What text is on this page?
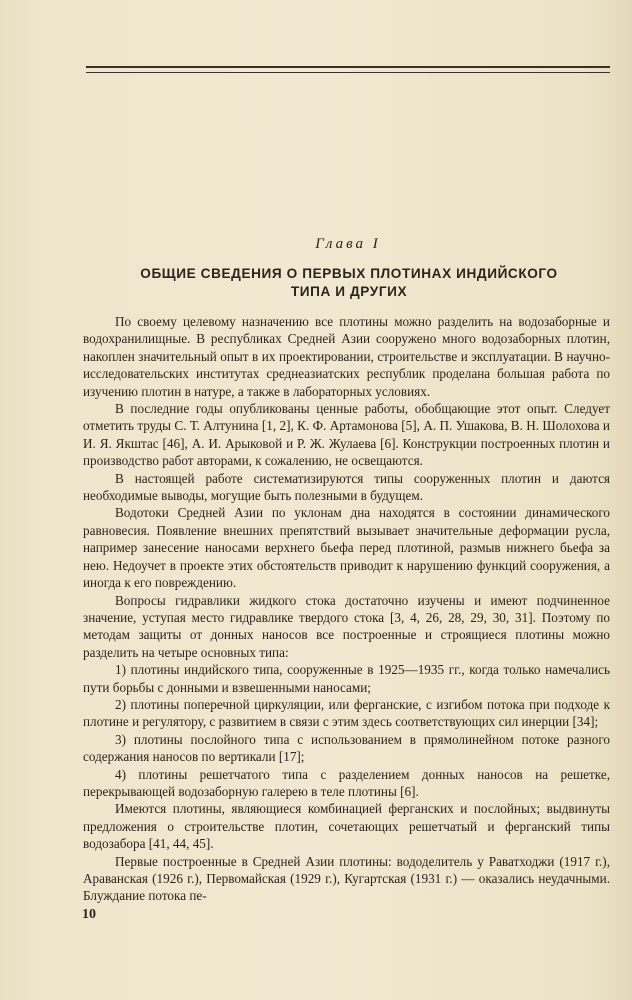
Глава I
ОБЩИЕ СВЕДЕНИЯ О ПЕРВЫХ ПЛОТИНАХ ИНДИЙСКОГО
ТИПА И ДРУГИХ

По своему целевому назначению все плотины можно разделить на водозаборные и водохранилищные. В республиках Средней Азии сооружено много водозаборных плотин, накоплен значительный опыт в их проектировании, строительстве и эксплуатации. В научно-исследовательских институтах среднеазиатских республик проделана большая работа по изучению плотин в натуре, а также в лабораторных условиях.

В последние годы опубликованы ценные работы, обобщающие этот опыт. Следует отметить труды С. Т. Алтунина [1, 2], К. Ф. Артамонова [5], А. П. Ушакова, В. Н. Шолохова и И. Я. Якштас [46], А. И. Арыковой и Р. Ж. Жулаева [6]. Конструкции построенных плотин и производство работ авторами, к сожалению, не освещаются.

В настоящей работе систематизируются типы сооруженных плотин и даются необходимые выводы, могущие быть полезными в будущем.

Водотоки Средней Азии по уклонам дна находятся в состоянии динамического равновесия. Появление внешних препятствий вызывает значительные деформации русла, например занесение наносами верхнего бьефа перед плотиной, размыв нижнего бьефа за нею. Недоучет в проекте этих обстоятельств приводит к нарушению функций сооружения, а иногда к его повреждению.

Вопросы гидравлики жидкого стока достаточно изучены и имеют подчиненное значение, уступая место гидравлике твердого стока [3, 4, 26, 28, 29, 30, 31]. Поэтому по методам защиты от донных наносов все построенные и строящиеся плотины можно разделить на четыре основных типа:

1) плотины индийского типа, сооруженные в 1925—1935 гг., когда только намечались пути борьбы с донными и взвешенными наносами;

2) плотины поперечной циркуляции, или ферганские, с изгибом потока при подходе к плотине и регулятору, с развитием в связи с этим здесь соответствующих сил инерции [34];

3) плотины послойного типа с использованием в прямолинейном потоке разного содержания наносов по вертикали [17];

4) плотины решетчатого типа с разделением донных наносов на решетке, перекрывающей водозаборную галерею в теле плотины [6].

Имеются плотины, являющиеся комбинацией ферганских и послойных; выдвинуты предложения о строительстве плотин, сочетающих решетчатый и ферганский типы водозабора [41, 44, 45].

Первые построенные в Средней Азии плотины: вододелитель у Раватходжи (1917 г.), Араванская (1926 г.), Первомайская (1929 г.), Кугартская (1931 г.) — оказались неудачными. Блуждание потока пе-

10
